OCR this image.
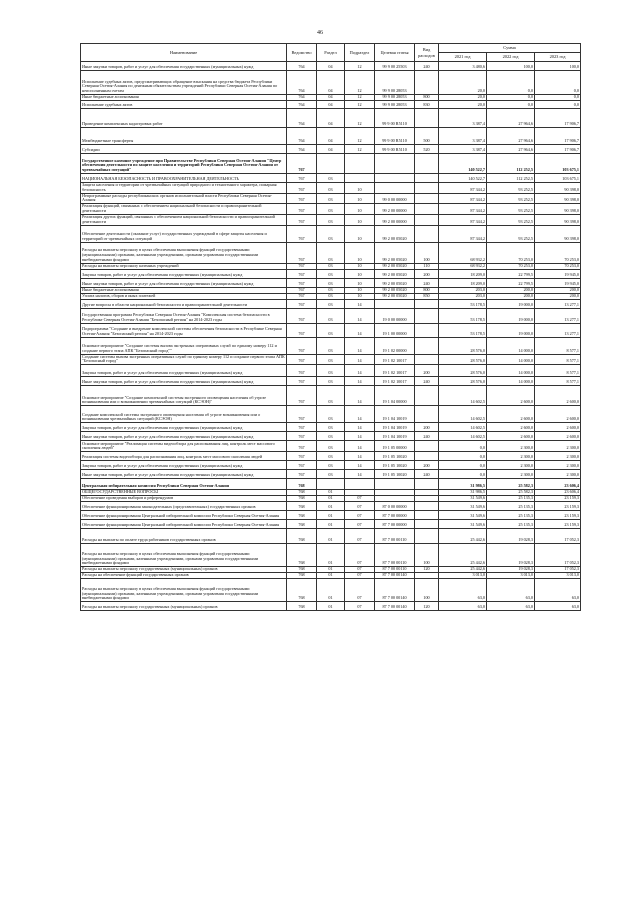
46
Наименование	Ведомство	Раздел	Подраздел	Целевая статья	Вид расходов	Сумма		
						2021 год	2022 год	2023 год
Иные закупки товаров, работ и услуг для обеспечения государственных (муниципальных) нужд	764	04	12	99 9 00 25503	240	3 480,6	100,0	100,0
Исполнение судебных актов, предусматривающих обращение взыскания на средства бюджета Республики Северная Осетия-Алания по денежным обязательствам учреждений Республики Северная Осетия-Алания по неисполненным счетам	764	04	12	99 9 00 28053		20,0	0,0	0,0
Иные бюджетные ассигнования	764	04	12	99 9 00 28053	800	20,0	0,0	0,0
Исполнение судебных актов	764	04	12	99 9 00 28053	830	20,0	0,0	0,0
Проведение комплексных кадастровых работ	764	04	12	99 9 00 R5110		3 387,4	27 964,6	17 906,7
Межбюджетные трансферты	764	04	12	99 9 00 R5110	500	3 387,4	27 964,6	17 906,7
Субсидии	764	04	12	99 9 00 R5110	520	3 387,4	27 964,6	17 906,7
Государственное казенное учреждение при Правительстве Республики Северная Осетия-Алания "Центр обеспечения деятельности по защите населения и территорий Республики Северная Осетия-Алания от чрезвычайных ситуаций"	767					140 522,7	112 252,5	103 675,1
НАЦИОНАЛЬНАЯ БЕЗОПАСНОСТЬ И ПРАВООХРАНИТЕЛЬНАЯ ДЕЯТЕЛЬНОСТЬ	767	03				140 522,7	112 252,5	103 675,1
Защита населения и территории от чрезвычайных ситуаций природного и техногенного характера, пожарная безопасность	767	03	10			87 344,2	93 252,5	90 398,0
Непрограммные расходы республиканских органов исполнительной власти Республики Северная Осетия-Алания	767	03	10	99 0 00 00000		87 344,2	93 252,5	90 398,0
Реализация функций, связанных с обеспечением национальной безопасности и правоохранительной деятельности	767	03	10	99 2 00 00000		87 344,2	93 252,5	90 398,0
Реализация других функций, связанных с обеспечением национальной безопасности и правоохранительной деятельности	767	03	10	99 2 00 00000		87 344,2	93 252,5	90 398,0
Обеспечение деятельности (оказание услуг) государственных учреждений в сфере защиты населения и территорий от чрезвычайных ситуаций	767	03	10	99 2 00 05020		87 344,2	93 252,5	90 398,0
Расходы на выплаты персоналу в целях обеспечения выполнения функций государственными (муниципальными) органами, казенными учреждениями, органами управления государственными внебюджетными фондами	767	03	10	99 2 00 05020	100	68 932,2	70 253,0	70 253,0
Расходы на выплаты персоналу казенных учреждений	767	03	10	99 2 00 05020	110	68 932,2	70 253,0	70 253,0
Закупка товаров, работ и услуг для обеспечения государственных (муниципальных) нужд	767	03	10	99 2 00 05020	200	18 209,0	22 799,5	19 945,0
Иные закупки товаров, работ и услуг для обеспечения государственных (муниципальных) нужд	767	03	10	99 2 00 05020	240	18 209,0	22 799,5	19 945,0
Иные бюджетные ассигнования	767	03	10	99 2 00 05020	800	203,0	200,0	200,0
Уплата налогов, сборов и иных платежей	767	03	10	99 2 00 05020	850	203,0	200,0	200,0
Другие вопросы в области национальной безопасности и правоохранительной деятельности	767	03	14			53 178,5	19 000,0	13 277,1
Государственная программа Республики Северная Осетия-Алания "Комплексная система безопасности в Республике Северная Осетия-Алания "Безопасный регион" на 2014-2023 годы	767	03	14	19 0 00 00000		53 178,5	19 000,0	13 277,1
Подпрограмма "Создание и внедрение комплексной системы обеспечения безопасности в Республике Северная Осетия-Алания "Безопасный регион" на 2014-2023 годы	767	03	14	19 1 00 00000		53 178,5	19 000,0	13 277,1
Основное мероприятие "Создание системы вызова экстренных оперативных служб по единому номеру 112 и создание первого этапа АПК "Безопасный город""	767	03	14	19 1 02 00000		28 576,0	14 000,0	8 577,1
Создание системы вызова экстренных оперативных служб по единому номеру 112 и создание первого этапа АПК "Безопасный город"	767	03	14	19 1 02 10017		28 576,0	14 000,0	8 577,1
Закупка товаров, работ и услуг для обеспечения государственных (муниципальных) нужд	767	03	14	19 1 02 10017	200	28 576,0	14 000,0	8 577,1
Иные закупки товаров, работ и услуг для обеспечения государственных (муниципальных) нужд	767	03	14	19 1 02 10017	240	28 576,0	14 000,0	8 577,1
Основное мероприятие "Создание комплексной системы экстренного оповещения населения об угрозе возникновения или о возникновении чрезвычайных ситуаций (КСЭОН)"	767	03	14	19 1 04 00000		14 602,5	2 600,0	2 600,0
Создание комплексной системы экстренного оповещения населения об угрозе возникновения или о возникновении чрезвычайных ситуаций (КСЭОН)	767	03	14	19 1 04 10019		14 602,5	2 600,0	2 600,0
Закупка товаров, работ и услуг для обеспечения государственных (муниципальных) нужд	767	03	14	19 1 04 10019	200	14 602,5	2 600,0	2 600,0
Иные закупки товаров, работ и услуг для обеспечения государственных (муниципальных) нужд	767	03	14	19 1 04 10019	240	14 602,5	2 600,0	2 600,0
Основное мероприятие "Реализация системы видеообзора для распознавания лиц, контроль мест массового скопления людей"	767	03	14	19 1 05 00000		0,0	2 300,0	2 300,0
Реализация системы видеообзора для распознавания лиц, контроль мест массового скопления людей	767	03	14	19 1 05 10020		0,0	2 300,0	2 300,0
Закупка товаров, работ и услуг для обеспечения государственных (муниципальных) нужд	767	03	14	19 1 05 10020	200	0,0	2 300,0	2 300,0
Иные закупки товаров, работ и услуг для обеспечения государственных (муниципальных) нужд	767	03	14	19 1 05 10020	240	0,0	2 300,0	2 300,0
Центральная избирательная комиссия Республики Северная Осетия-Алания	768					31 986,5	25 582,3	23 606,4
ОБЩЕГОСУДАРСТВЕННЫЕ ВОПРОСЫ	768	01				31 986,5	25 582,3	23 606,4
Обеспечение проведения выборов и референдумов	768	01	07			31 549,6	25 135,3	23 159,3
Обеспечение функционирования законодательных (представительных) государственных органов	768	01	07	87 0 00 00000		31 549,6	25 135,3	23 159,3
Обеспечение функционирования Центральной избирательной комиссии Республики Северная Осетия-Алания	768	01	07	87 7 00 00000		31 549,6	25 135,3	23 159,3
Обеспечение функционирования Центральной избирательной комиссии Республики Северная Осетия-Алания	768	01	07	87 7 00 00000		31 549,6	25 135,3	23 159,3
Расходы на выплаты по оплате труда работников государственных органов	768	01	07	87 7 00 00110		25 442,6	19 028,3	17 052,3
Расходы на выплаты персоналу в целях обеспечения выполнения функций государственными (муниципальными) органами, казенными учреждениями, органами управления государственными внебюджетными фондами	768	01	07	87 7 00 00110	100	25 442,6	19 028,3	17 052,3
Расходы на выплаты персоналу государственных (муниципальных) органов	768	01	07	87 7 00 00110	120	25 442,6	19 028,3	17 052,3
Расходы на обеспечение функций государственных органов	768	01	07	87 7 00 00140		3 013,0	3 013,0	3 013,0
Расходы на выплаты персоналу в целях обеспечения выполнения функций государственными (муниципальными) органами, казенными учреждениями, органами управления государственными внебюджетными фондами	768	01	07	87 7 00 00140	100	63,0	63,0	63,0
Расходы на выплаты персоналу государственных (муниципальных) органов	768	01	07	87 7 00 00140	120	63,0	63,0	63,0
